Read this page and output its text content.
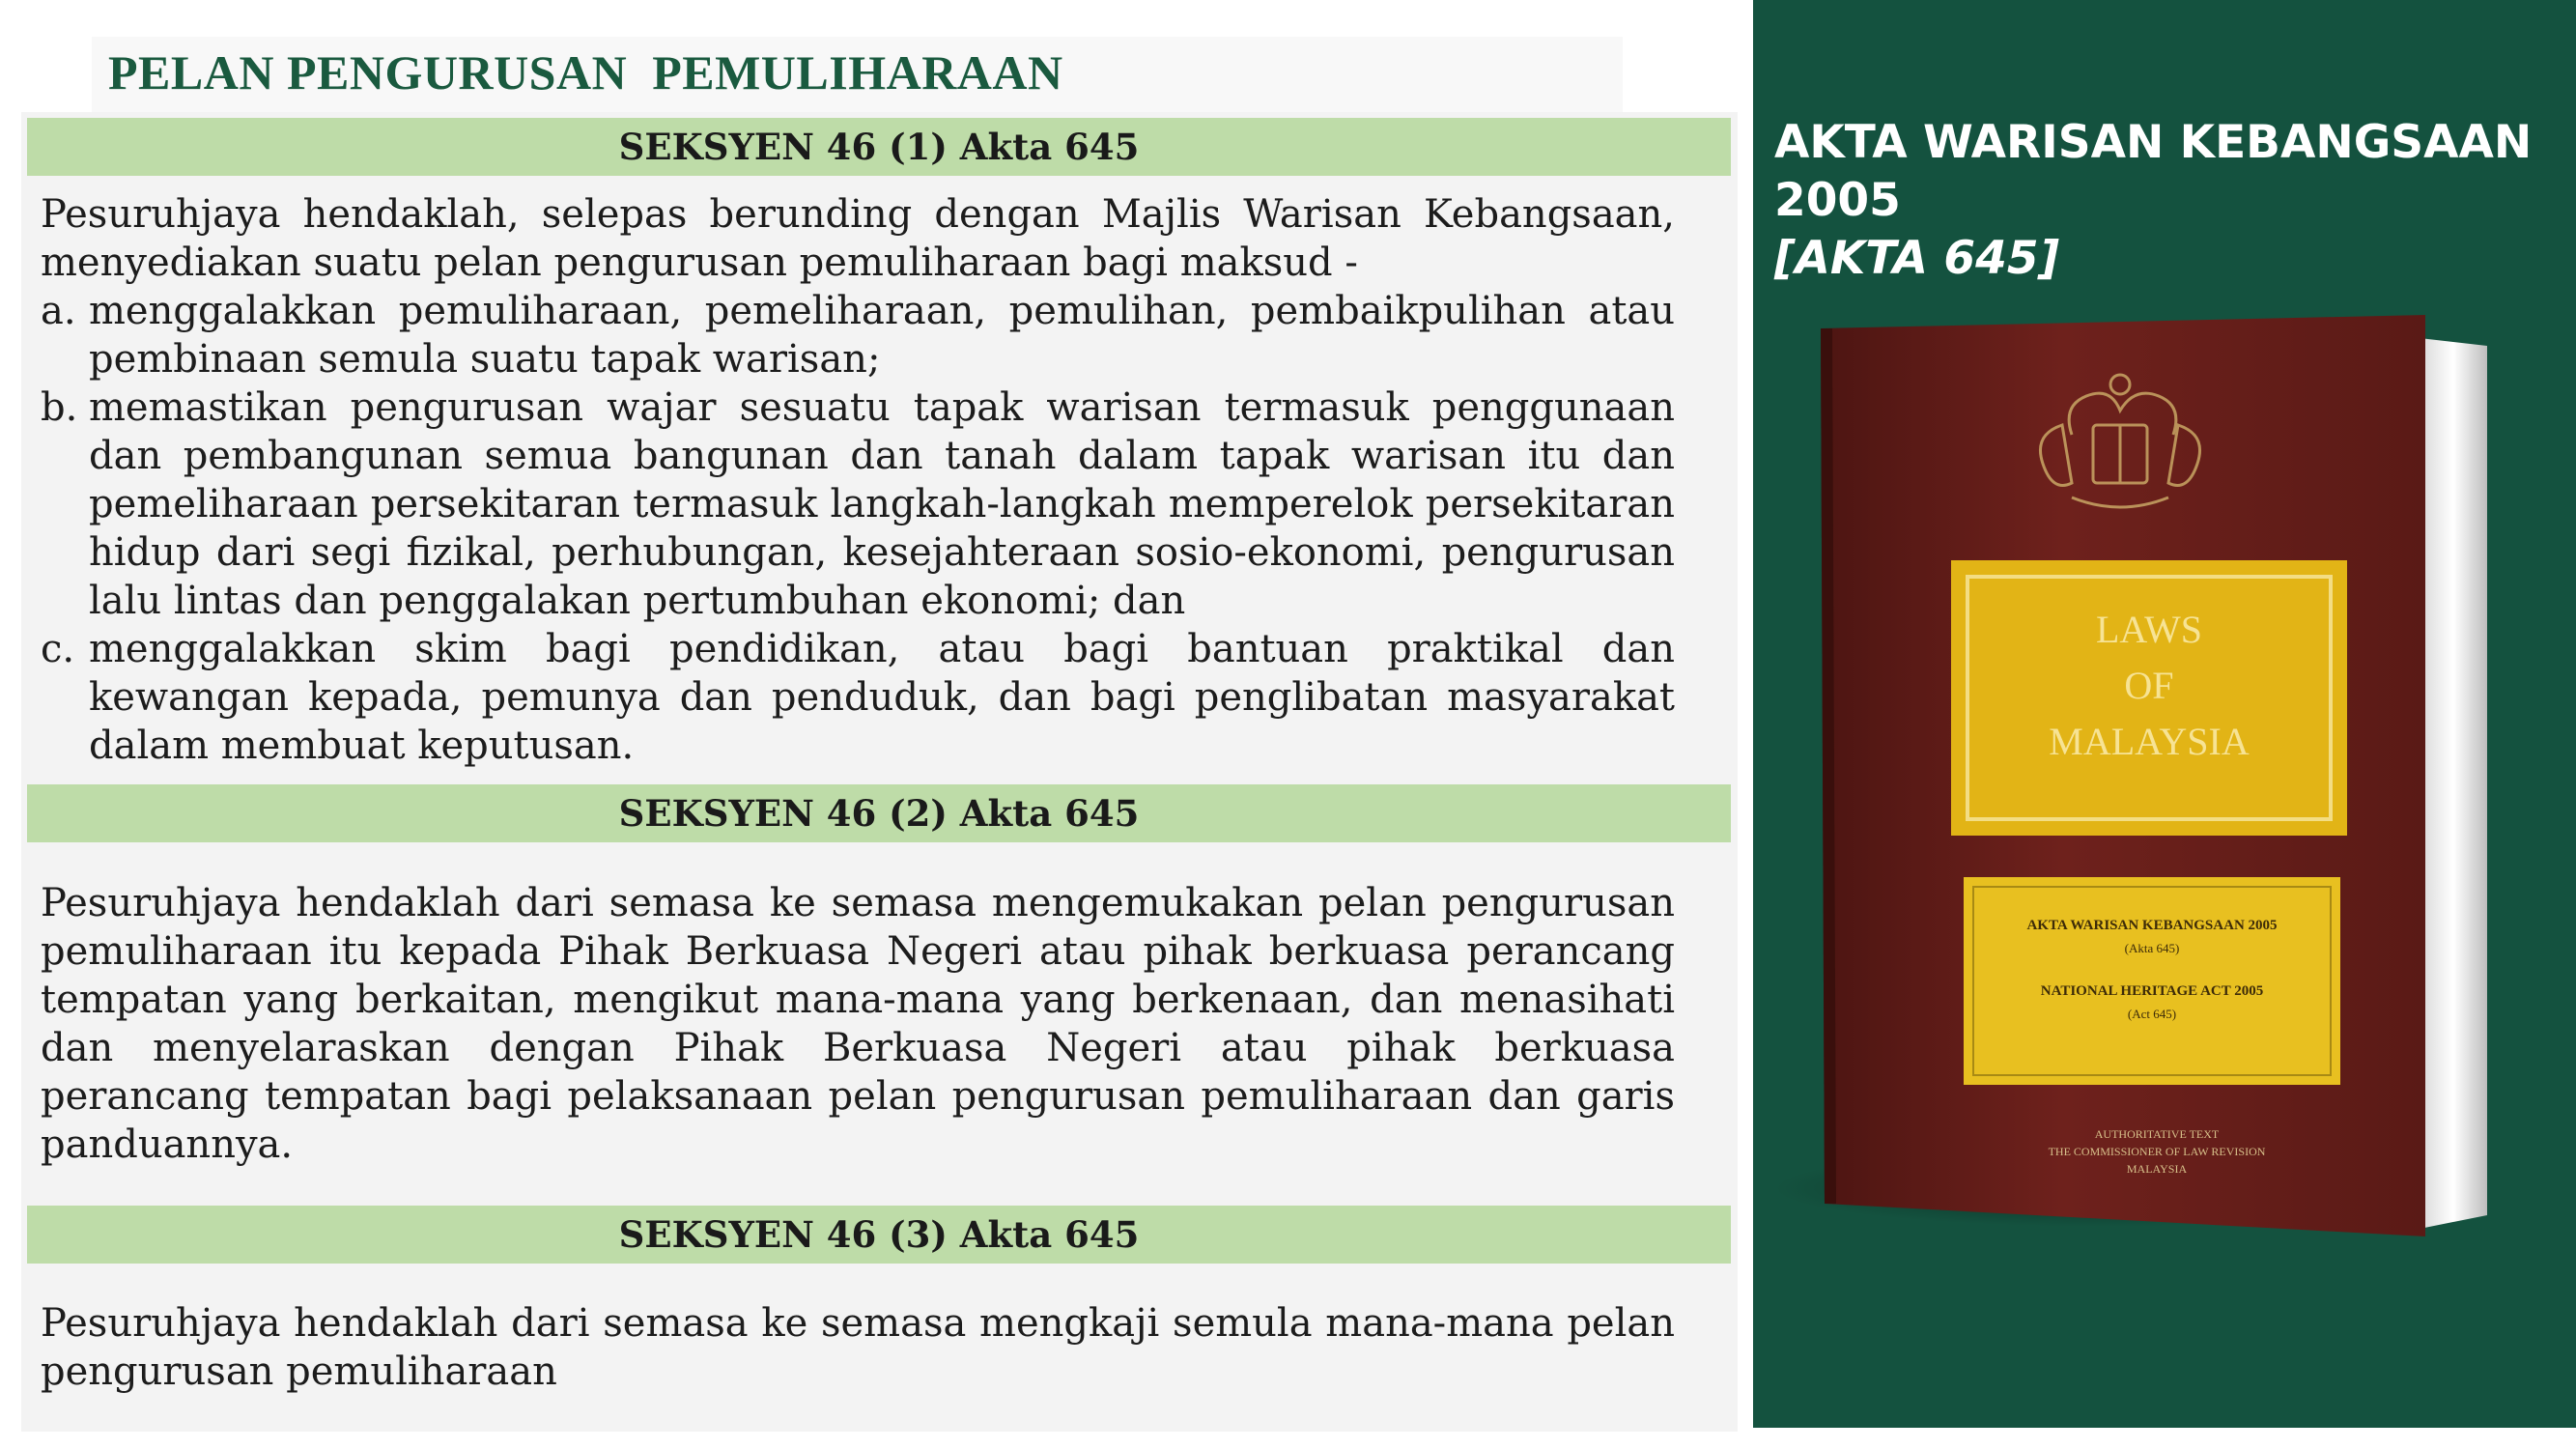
PELAN PENGURUSAN  PEMULIHARAAN
SEKSYEN 46 (1) Akta 645

Pesuruhjaya hendaklah, selepas berunding dengan Majlis Warisan Kebangsaan, menyediakan suatu pelan pengurusan pemuliharaan bagi maksud -

a. menggalakkan pemuliharaan, pemeliharaan, pemulihan, pembaikpulihan atau pembinaan semula suatu tapak warisan;
b. memastikan pengurusan wajar sesuatu tapak warisan termasuk penggunaan dan pembangunan semua bangunan dan tanah dalam tapak warisan itu dan pemeliharaan persekitaran termasuk langkah-langkah memperelok persekitaran hidup dari segi fizikal, perhubungan, kesejahteraan sosio-ekonomi, pengurusan lalu lintas dan penggalakan pertumbuhan ekonomi; dan
c. menggalakkan skim bagi pendidikan, atau bagi bantuan praktikal dan kewangan kepada, pemunya dan penduduk, dan bagi penglibatan masyarakat dalam membuat keputusan.
SEKSYEN 46 (2) Akta 645

Pesuruhjaya hendaklah dari semasa ke semasa mengemukakan pelan pengurusan pemuliharaan itu kepada Pihak Berkuasa Negeri atau pihak berkuasa perancang tempatan yang berkaitan, mengikut mana-mana yang berkenaan, dan menasihati dan menyelaraskan dengan Pihak Berkuasa Negeri atau pihak berkuasa perancang tempatan bagi pelaksanaan pelan pengurusan pemuliharaan dan garis panduannya.

SEKSYEN 46 (3) Akta 645

Pesuruhjaya hendaklah dari semasa ke semasa mengkaji semula mana-mana pelan pengurusan pemuliharaan

AKTA WARISAN KEBANGSAAN 2005
[AKTA 645]
LAWS
OF
MALAYSIA
AKTA WARISAN KEBANGSAAN 2005
(Akta 645)
NATIONAL HERITAGE ACT 2005
(Act 645)
AUTHORITATIVE TEXT
THE COMMISSIONER OF LAW REVISION
MALAYSIA
